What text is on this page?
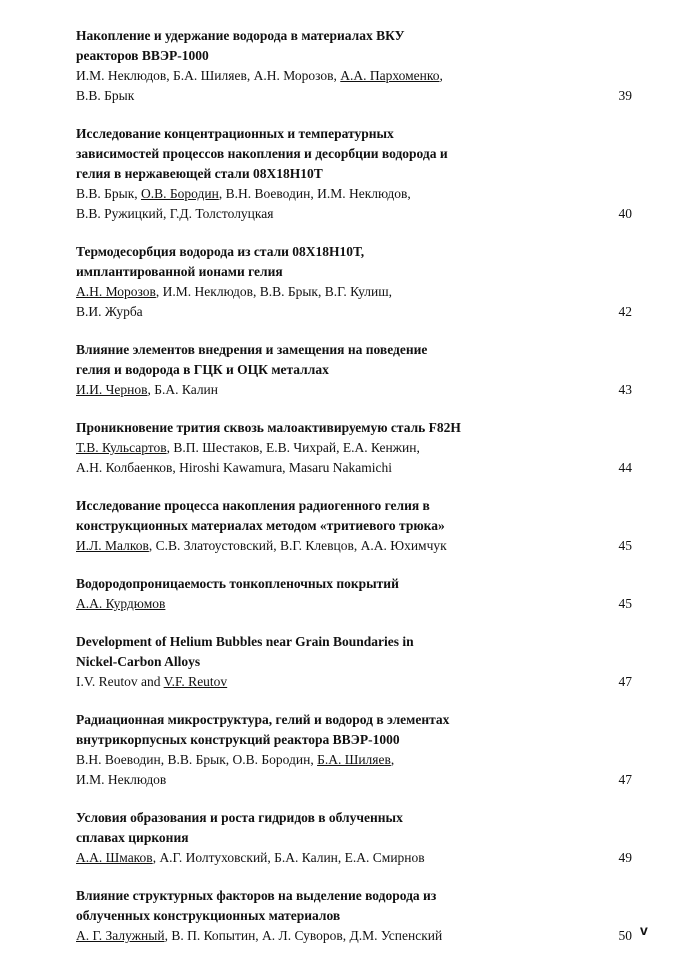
Накопление и удержание водорода в материалах ВКУ
реакторов ВВЭР-1000

И.М. Неклюдов, Б.А. Шиляев, А.Н. Морозов, А.А. Пархоменко,
В.В. Брык	39

Исследование концентрационных и температурных
зависимостей процессов накопления и десорбции водорода и
гелия в нержавеющей стали 08Х18Н10Т

В.В. Брык, О.В. Бородин, В.Н. Воеводин, И.М. Неклюдов,
В.В. Ружицкий, Г.Д. Толстолуцкая	40

Термодесорбция водорода из стали 08Х18Н10Т,
имплантированной ионами гелия

А.Н. Морозов, И.М. Неклюдов, В.В. Брык, В.Г. Кулиш,
В.И. Журба	42

Влияние элементов внедрения и замещения на поведение
гелия и водорода в ГЦК и ОЦК металлах

И.И. Чернов, Б.А. Калин	43

Проникновение трития сквозь малоактивируемую сталь F82H

Т.В. Кульсартов, В.П. Шестаков, Е.В. Чихрай, Е.А. Кенжин,
А.Н. Колбаенков, Hiroshi Kawamura, Masaru Nakamichi	44

Исследование процесса накопления радиогенного гелия в
конструкционных материалах методом «тритиевого трюка»

И.Л. Малков, С.В. Златоустовский, В.Г. Клевцов, А.А. Юхимчук	45

Водородопроницаемость тонкопленочных покрытий

А.А. Курдюмов	45

Development of Helium Bubbles near Grain Boundaries in
Nickel-Carbon Alloys

I.V. Reutov and V.F. Reutov	47

Радиационная микроструктура, гелий и водород в элементах
внутрикорпусных конструкций реактора ВВЭР-1000

В.Н. Воеводин, В.В. Брык, О.В. Бородин, Б.А. Шиляев,
И.М. Неклюдов	47

Условия образования и роста гидридов в облученных
сплавах циркония

А.А. Шмаков, А.Г. Иолтуховский, Б.А. Калин, Е.А. Смирнов	49

Влияние структурных факторов на выделение водорода из
облученных конструкционных материалов

А. Г. Залужный, В. П. Копытин, А. Л. Суворов, Д.М. Успенский	50 v
